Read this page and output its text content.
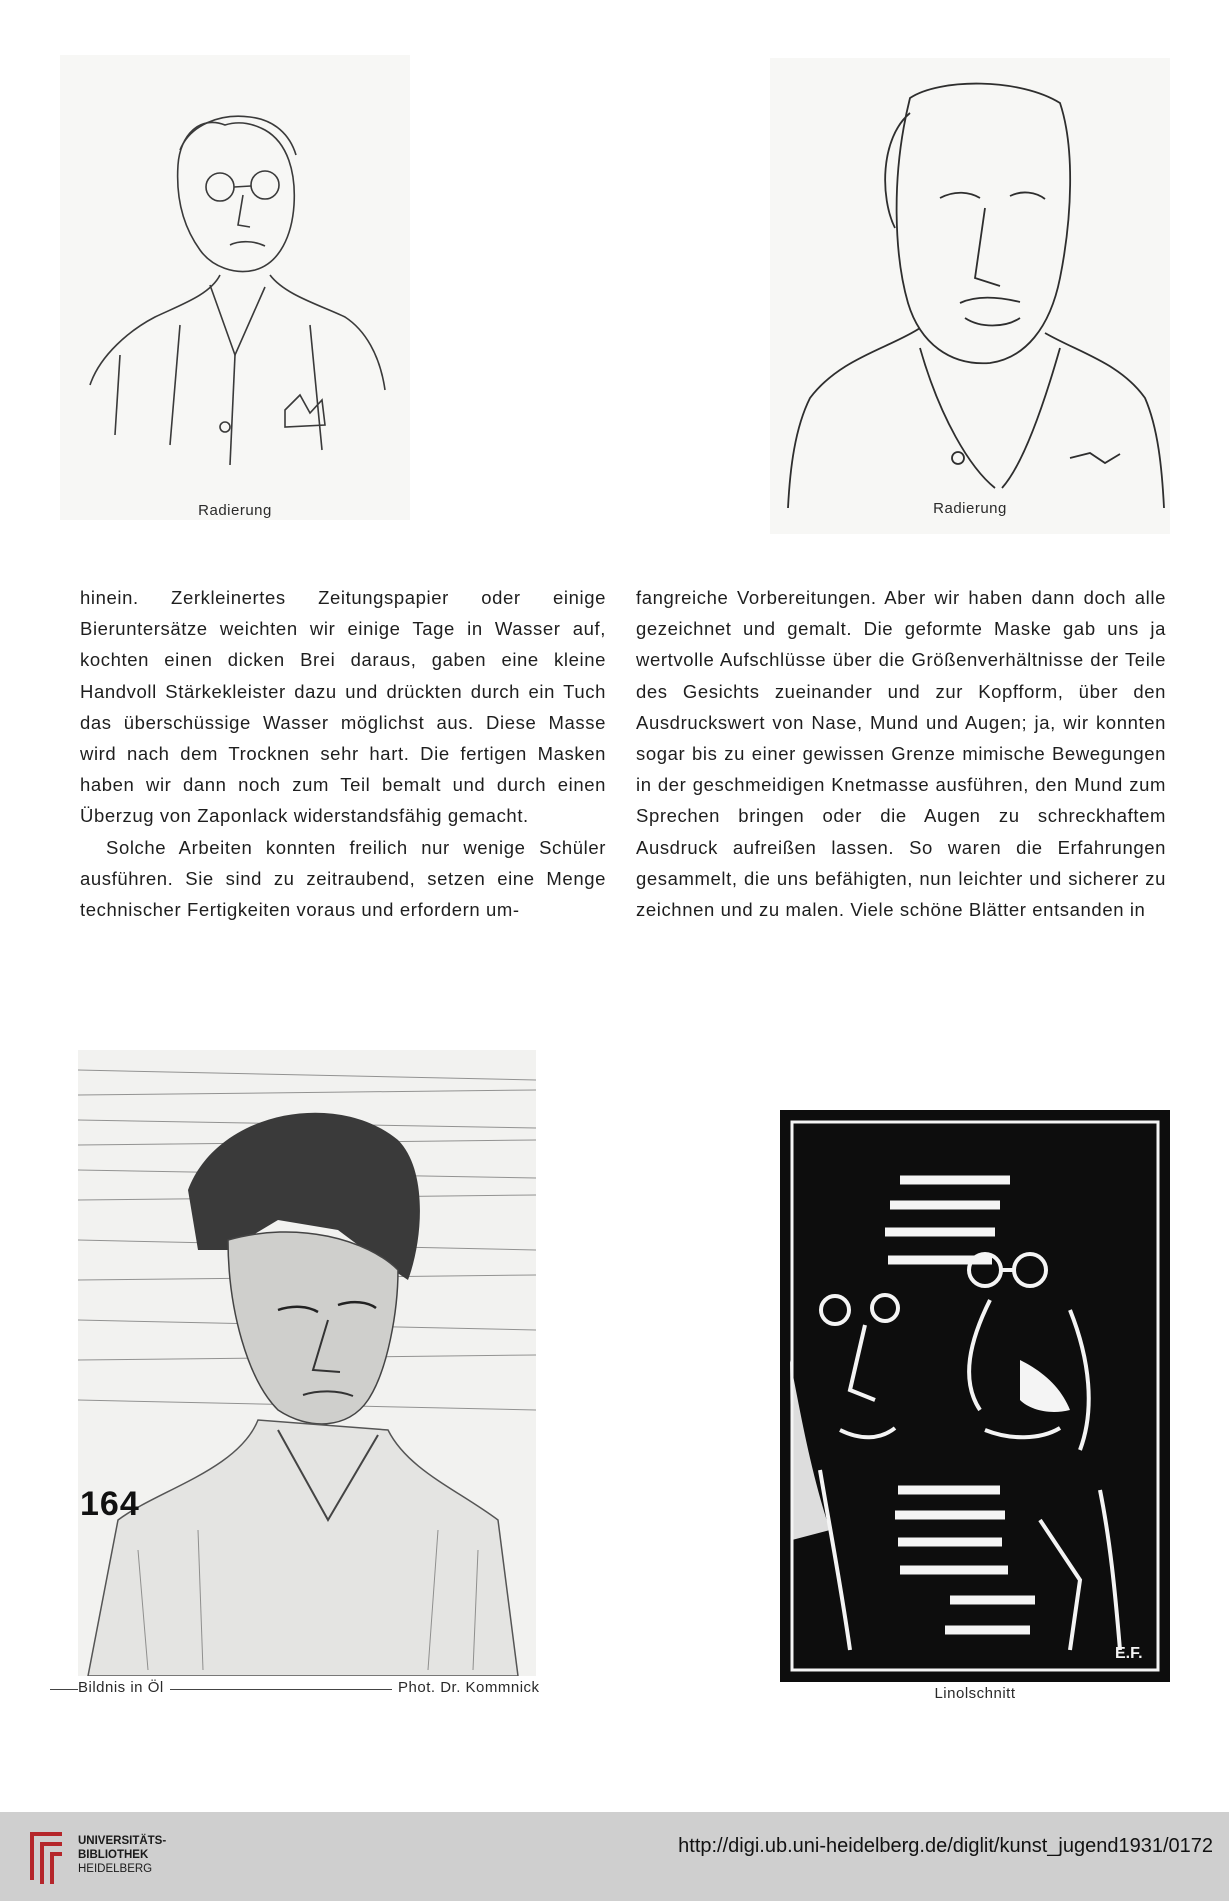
Radierung	Radierung

hinein. Zerkleinertes Zeitungspapier oder einige Bieruntersätze weichten wir einige Tage in Wasser auf, kochten einen dicken Brei daraus, gaben eine kleine Handvoll Stärkekleister dazu und drückten durch ein Tuch das überschüssige Wasser möglichst aus. Diese Masse wird nach dem Trocknen sehr hart. Die fertigen Masken haben wir dann noch zum Teil bemalt und durch einen Überzug von Zaponlack widerstandsfähig gemacht.

Solche Arbeiten konnten freilich nur wenige Schüler ausführen. Sie sind zu zeitraubend, setzen eine Menge technischer Fertigkeiten voraus und erfordern um-

fangreiche Vorbereitungen. Aber wir haben dann doch alle gezeichnet und gemalt. Die geformte Maske gab uns ja wertvolle Aufschlüsse über die Größenverhältnisse der Teile des Gesichts zueinander und zur Kopfform, über den Ausdruckswert von Nase, Mund und Augen; ja, wir konnten sogar bis zu einer gewissen Grenze mimische Bewegungen in der geschmeidigen Knetmasse ausführen, den Mund zum Sprechen bringen oder die Augen zu schreckhaftem Ausdruck aufreißen lassen. So waren die Erfahrungen gesammelt, die uns befähigten, nun leichter und sicherer zu zeichnen und zu malen. Viele schöne Blätter entsanden in

Bildnis in Öl	Phot. Dr. Kommnick
E.F.
Linolschnitt
164
UNIVERSITÄTS-
BIBLIOTHEK
HEIDELBERG
http://digi.ub.uni-heidelberg.de/diglit/kunst_jugend1931/0172
